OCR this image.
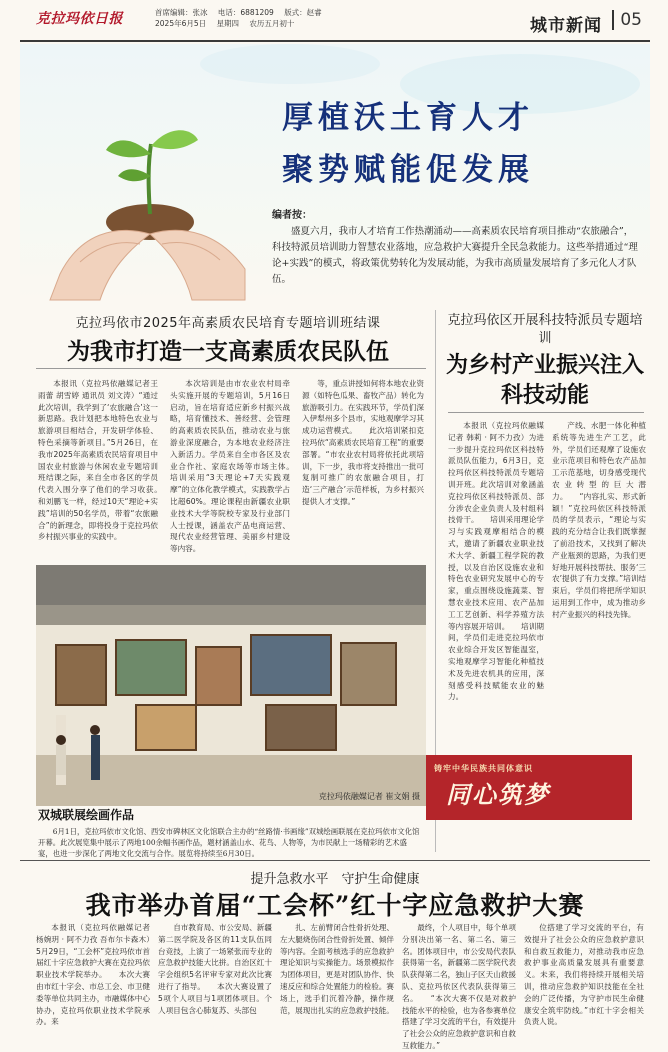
克拉玛依日报	首席编辑：张冰 电话：6881209 版式：赵睿
2025年6月5日 星期四 农历五月初十	城市新闻	05
厚植沃土育人才
聚势赋能促发展
编者按：
盛夏六月，我市人才培育工作热潮涌动——高素质农民培育项目推动“农旅融合”，科技特派员培训助力智慧农业落地，应急救护大赛提升全民急救能力。这些举措通过“理论+实践”的模式，将政策优势转化为发展动能，为我市高质量发展培育了多元化人才队伍。
克拉玛依市2025年高素质农民培育专题培训班结课
为我市打造一支高素质农民队伍

本报讯（克拉玛依融媒记者王雨蕾 胡雪婷 通讯员 刘文涛）“通过此次培训，我学到了‘农旅融合’这一新思路。我计划把本地特色农业与旅游项目相结合，开发研学体验、特色采摘等新项目。”5月26日，在我市2025年高素质农民培育项目中国农业村旅游与休闲农业专题培训班结课之际，来自全市各区的学员代表入围分享了他们的学习收获。　　和刘鹏飞一样，经过10天“理论+实践”培训的50名学员，带着“农旅融合”的新理念，即将投身于克拉玛依乡村振兴事业的实践中。

本次培训是由市农业农村局牵头实施开展的专题培训，5月16日启动，旨在培育适应新乡村振兴战略，培育懂技术、善经营、会管理的高素质农民队伍，推动农业与旅游业深度融合，为本地农业经济注入新活力。学员来自全市各区及农业合作社、家庭农场等市场主体。　　培训采用“3天理论+7天实践观摩”的立体化教学模式，实践教学占比超60%。理论课程由新疆农业职业技术大学等院校专家及行业部门人士授课，涵盖农产品电商运营、现代农业经营管理、美丽乡村建设等内容。

等，重点讲授如何将本地农业资源（如特色瓜果、畜牧产品）转化为旅游吸引力。在实践环节，学员们深入伊犁州多个县市，实地观摩学习其成功运营模式。　　此次培训紧扣克拉玛依“高素质农民培育工程”的重要部署。“市农业农村局将依托此项培训，下一步，我市将支持推出一批可复制可推广的农旅融合项目，打造‘三产融合’示范样板，为乡村振兴提供人才支撑。”

克拉玛依融媒记者 崔文娟 摄
铸牢中华民族共同体意识
同心筑梦
双城联展绘画作品

6月1日，克拉玛依市文化馆、西安市碑林区文化馆联合主办的“丝路情·书画缘”双城绘画联展在克拉玛依市文化馆开幕。此次展览集中展示了两地100余幅书画作品，题材涵盖山水、花鸟、人物等，为市民献上一场精彩的艺术盛宴，也进一步深化了两地文化交流与合作。展览将持续至6月30日。

克拉玛依区开展科技特派员专题培训
为乡村产业振兴注入科技动能

本报讯（克拉玛依融媒记者 韩莉 · 阿不力孜）为进一步提升克拉玛依区科技特派员队伍能力，6月3日，克拉玛依区科技特派员专题培训开班。此次培训对象涵盖克拉玛依区科技特派员、部分涉农企业负责人及村组科技骨干。　　培训采用理论学习与实践观摩相结合的模式，邀请了新疆农业职业技术大学、新疆工程学院的教授，以及自治区设施农业和特色农业研究发展中心的专家，重点围绕设施蔬菜、智慧农业技术应用、农产品加工工艺创新、科学养殖方法等内容展开培训。　　培训期间，学员们走进克拉玛依市农业综合开发区智能温室，实地观摩学习智能化种植技术及先进农机具的应用，深刻感受科技赋能农业的魅力。

产线、水肥一体化种植系统等先进生产工艺，此外，学员们还观摩了设施农业示范项目和特色农产品加工示范基地，切身感受现代农业转型的巨大潜力。　　“内容扎实、形式新颖！”克拉玛依区科技特派员的学员表示，“理论与实践的充分结合让我们既掌握了前沿技术，又找到了解决产业瓶颈的思路，为我们更好地开展科技帮扶、服务‘三农’提供了有力支撑。”培训结束后，学员们将把所学知识运用到工作中，成为推动乡村产业振兴的科技先锋。

提升急救水平　守护生命健康
我市举办首届“工会杯”红十字应急救护大赛

本报讯（克拉玛依融媒记者 杨婉玥 · 阿不力孜 吾布尔卡森木）5月29日，“工会杯”克拉玛依市首届红十字应急救护大赛在克拉玛依职业技术学院举办。　　本次大赛由市红十字会、市总工会、市卫健委等单位共同主办，市融媒体中心协办，克拉玛依职业技术学院承办。来

自市教育局、市公安局、新疆第二医学院及各区的11支队伍同台竞技，上演了一场紧张而专业的应急救护技能大比拼。自治区红十字会组织5名评审专家对此次比赛进行了指导。　　本次大赛设置了5项个人项目与1项团体项目。个人项目包含心肺复苏、头部包

扎、左前臂闭合性骨折处理、左大腿烧伤闭合性骨折处置、倾伴等内容。全面考核选手的应急救护理论知识与实操能力。场景模拟作为团体项目，更是对团队协作、快速反应和综合处置能力的检验。赛场上，选手们沉着冷静，操作规范，展现出扎实的应急救护技能。

最终，个人项目中，每个单项分别决出第一名、第二名、第三名。团体项目中，市公安局代表队获得第一名，新疆第二医学院代表队获得第二名，独山子区天山救援队、克拉玛依区代表队获得第三名。　　“本次大赛不仅是对救护技能水平的检验，也为各参赛单位搭建了学习交流的平台，有效提升了社会公众的应急救护意识和自救互救能力。”

位搭建了学习交流的平台，有效提升了社会公众的应急救护意识和自救互救能力，对推动我市应急救护事业高质量发展具有重要意义。未来，我们将持续开展相关培训，推动应急救护知识技能在全社会的广泛传播，为守护市民生命健康安全筑牢防线。”市红十字会相关负责人说。
